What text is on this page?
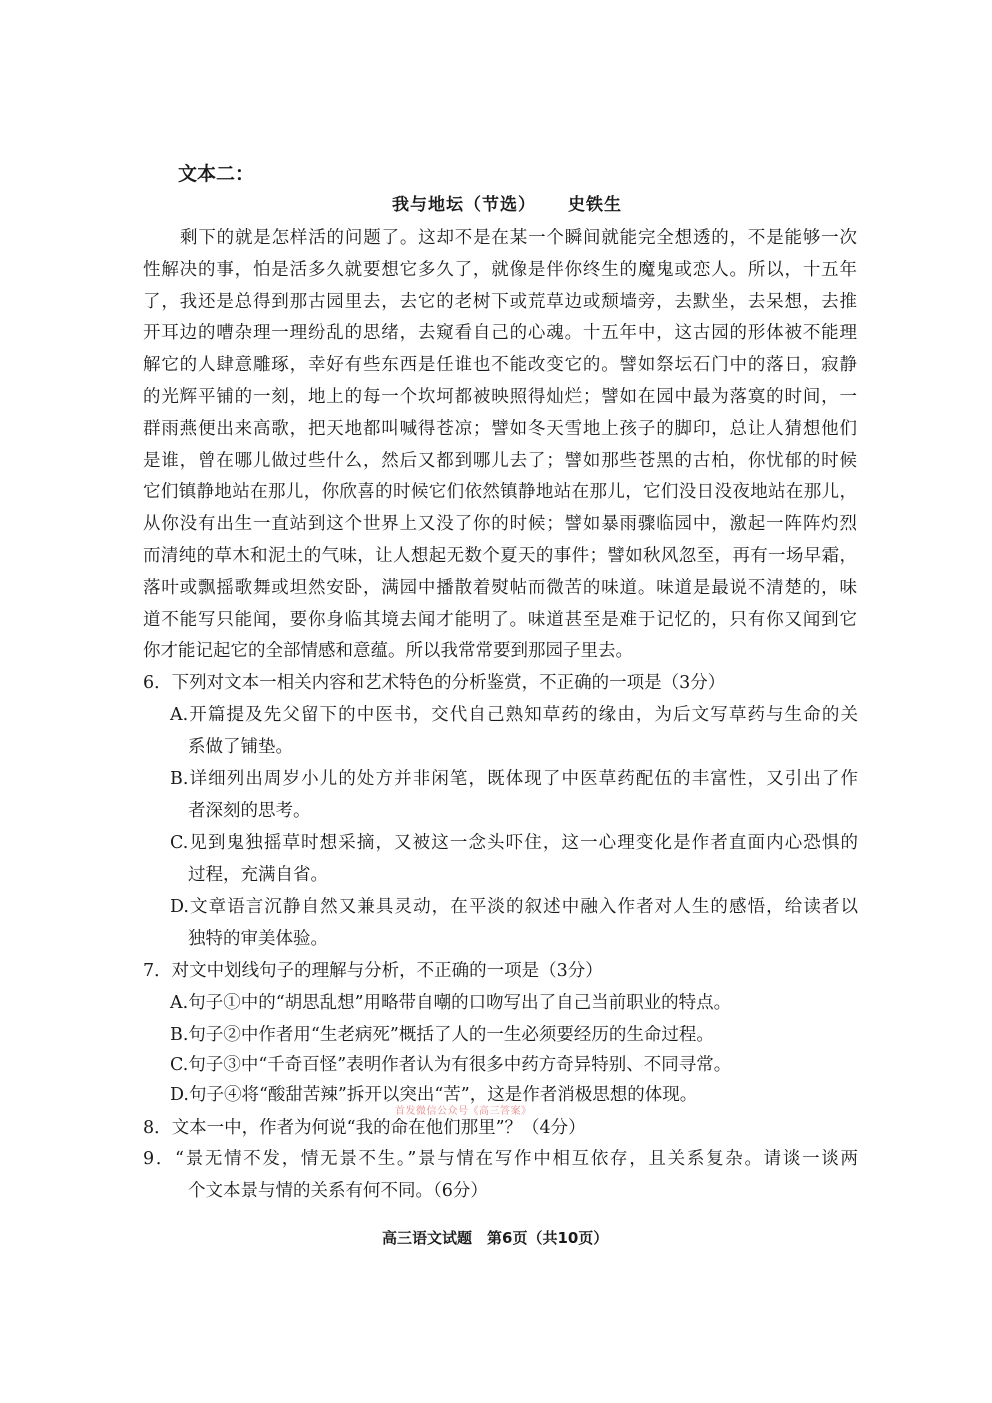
文本二：
我与地坛（节选） 史铁生
剩下的就是怎样活的问题了。这却不是在某一个瞬间就能完全想透的，不是能够一次
性解决的事，怕是活多久就要想它多久了，就像是伴你终生的魔鬼或恋人。所以，十五年
了，我还是总得到那古园里去，去它的老树下或荒草边或颓墙旁，去默坐，去呆想，去推
开耳边的嘈杂理一理纷乱的思绪，去窥看自己的心魂。十五年中，这古园的形体被不能理
解它的人肆意雕琢，幸好有些东西是任谁也不能改变它的。譬如祭坛石门中的落日，寂静
的光辉平铺的一刻，地上的每一个坎坷都被映照得灿烂；譬如在园中最为落寞的时间，一
群雨燕便出来高歌，把天地都叫喊得苍凉；譬如冬天雪地上孩子的脚印，总让人猜想他们
是谁，曾在哪儿做过些什么，然后又都到哪儿去了；譬如那些苍黑的古柏，你忧郁的时候
它们镇静地站在那儿，你欣喜的时候它们依然镇静地站在那儿，它们没日没夜地站在那儿，
从你没有出生一直站到这个世界上又没了你的时候；譬如暴雨骤临园中，激起一阵阵灼烈
而清纯的草木和泥土的气味，让人想起无数个夏天的事件；譬如秋风忽至，再有一场早霜，
落叶或飘摇歌舞或坦然安卧，满园中播散着熨帖而微苦的味道。味道是最说不清楚的，味
道不能写只能闻，要你身临其境去闻才能明了。味道甚至是难于记忆的，只有你又闻到它
你才能记起它的全部情感和意蕴。所以我常常要到那园子里去。
6．下列对文本一相关内容和艺术特色的分析鉴赏，不正确的一项是（3分）
A.开篇提及先父留下的中医书，交代自己熟知草药的缘由，为后文写草药与生命的关
系做了铺垫。
B.详细列出周岁小儿的处方并非闲笔，既体现了中医草药配伍的丰富性，又引出了作
者深刻的思考。
C.见到鬼独摇草时想采摘，又被这一念头吓住，这一心理变化是作者直面内心恐惧的
过程，充满自省。
D.文章语言沉静自然又兼具灵动，在平淡的叙述中融入作者对人生的感悟，给读者以
独特的审美体验。
7．对文中划线句子的理解与分析，不正确的一项是（3分）
A.句子①中的“胡思乱想”用略带自嘲的口吻写出了自己当前职业的特点。
B.句子②中作者用“生老病死”概括了人的一生必须要经历的生命过程。
C.句子③中“千奇百怪”表明作者认为有很多中药方奇异特别、不同寻常。
D.句子④将“酸甜苦辣”拆开以突出“苦”，这是作者消极思想的体现。
8．文本一中，作者为何说“我的命在他们那里”？（4分）
9．“景无情不发，情无景不生。”景与情在写作中相互依存，且关系复杂。请谈一谈两
个文本景与情的关系有何不同。（6分）
首发微信公众号《高三答案》
高三语文试题　第6页（共10页）
